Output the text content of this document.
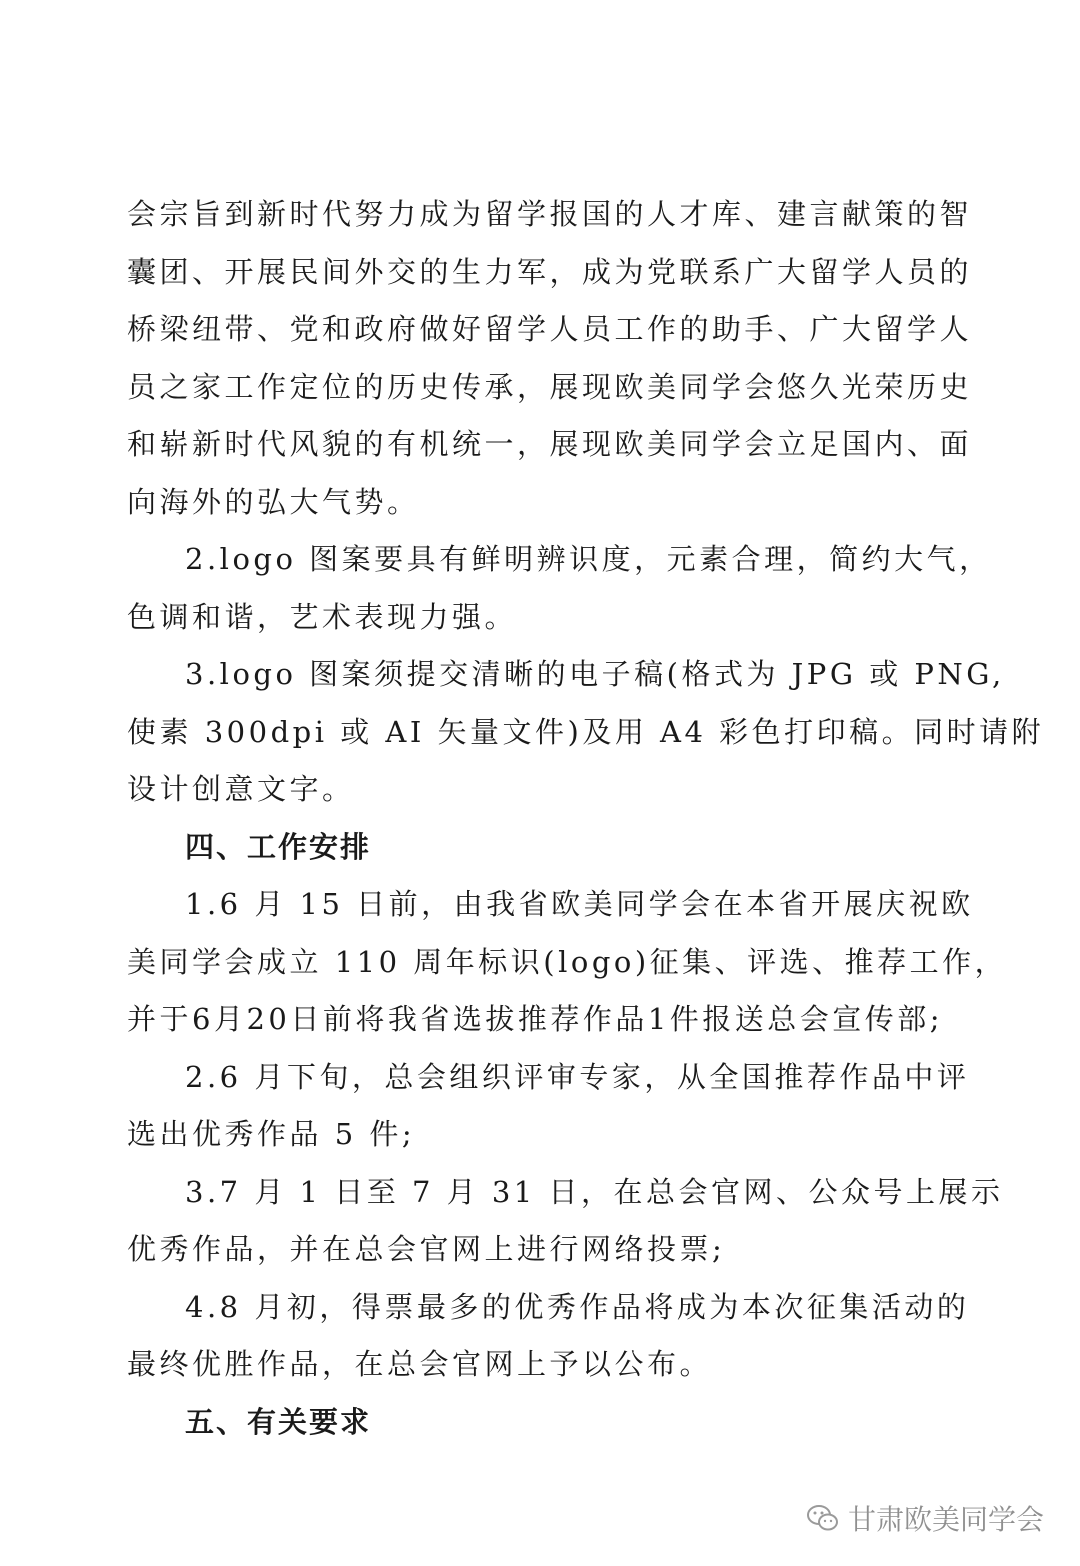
会宗旨到新时代努力成为留学报国的人才库、建言献策的智
囊团、开展民间外交的生力军，成为党联系广大留学人员的
桥梁纽带、党和政府做好留学人员工作的助手、广大留学人
员之家工作定位的历史传承，展现欧美同学会悠久光荣历史
和崭新时代风貌的有机统一，展现欧美同学会立足国内、面
向海外的弘大气势。
2.logo 图案要具有鲜明辨识度，元素合理，简约大气，
色调和谐，艺术表现力强。
3.logo 图案须提交清晰的电子稿(格式为 JPG 或 PNG,
使素 300dpi 或 AI 矢量文件)及用 A4 彩色打印稿。同时请附
设计创意文字。
四、工作安排
1.6 月 15 日前，由我省欧美同学会在本省开展庆祝欧
美同学会成立 110 周年标识(logo)征集、评选、推荐工作，
并于6月20日前将我省选拔推荐作品1件报送总会宣传部;
2.6 月下旬，总会组织评审专家，从全国推荐作品中评
选出优秀作品 5 件;
3.7 月 1 日至 7 月 31 日，在总会官网、公众号上展示
优秀作品，并在总会官网上进行网络投票;
4.8 月初，得票最多的优秀作品将成为本次征集活动的
最终优胜作品，在总会官网上予以公布。
五、有关要求
甘肃欧美同学会
